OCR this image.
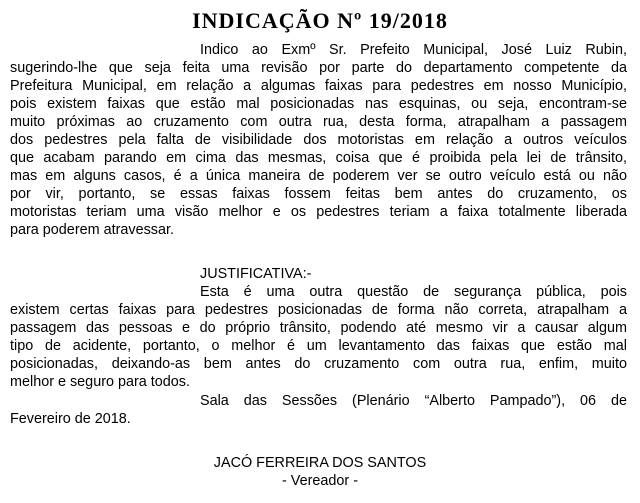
INDICAÇÃO Nº 19/2018
Indico ao Exmº Sr. Prefeito Municipal, José Luiz Rubin,
sugerindo-lhe que seja feita uma revisão por parte do departamento competente da
Prefeitura Municipal, em relação a algumas faixas para pedestres em nosso Município,
pois existem faixas que estão mal posicionadas nas esquinas, ou seja, encontram-se
muito próximas ao cruzamento com outra rua, desta forma, atrapalham a passagem
dos pedestres pela falta de visibilidade dos motoristas em relação a outros veículos
que acabam parando em cima das mesmas, coisa que é proibida pela lei de trânsito,
mas em alguns casos, é a única maneira de poderem ver se outro veículo está ou não
por vir, portanto, se essas faixas fossem feitas bem antes do cruzamento, os
motoristas teriam uma visão melhor e os pedestres teriam a faixa totalmente liberada
para poderem atravessar.
JUSTIFICATIVA:-
Esta é uma outra questão de segurança pública, pois
existem certas faixas para pedestres posicionadas de forma não correta, atrapalham a
passagem das pessoas e do próprio trânsito, podendo até mesmo vir a causar algum
tipo de acidente, portanto, o melhor é um levantamento das faixas que estão mal
posicionadas, deixando-as bem antes do cruzamento com outra rua, enfim, muito
melhor e seguro para todos.
Sala das Sessões (Plenário “Alberto Pampado”), 06 de
Fevereiro de 2018.
JACÓ FERREIRA DOS SANTOS
- Vereador -
